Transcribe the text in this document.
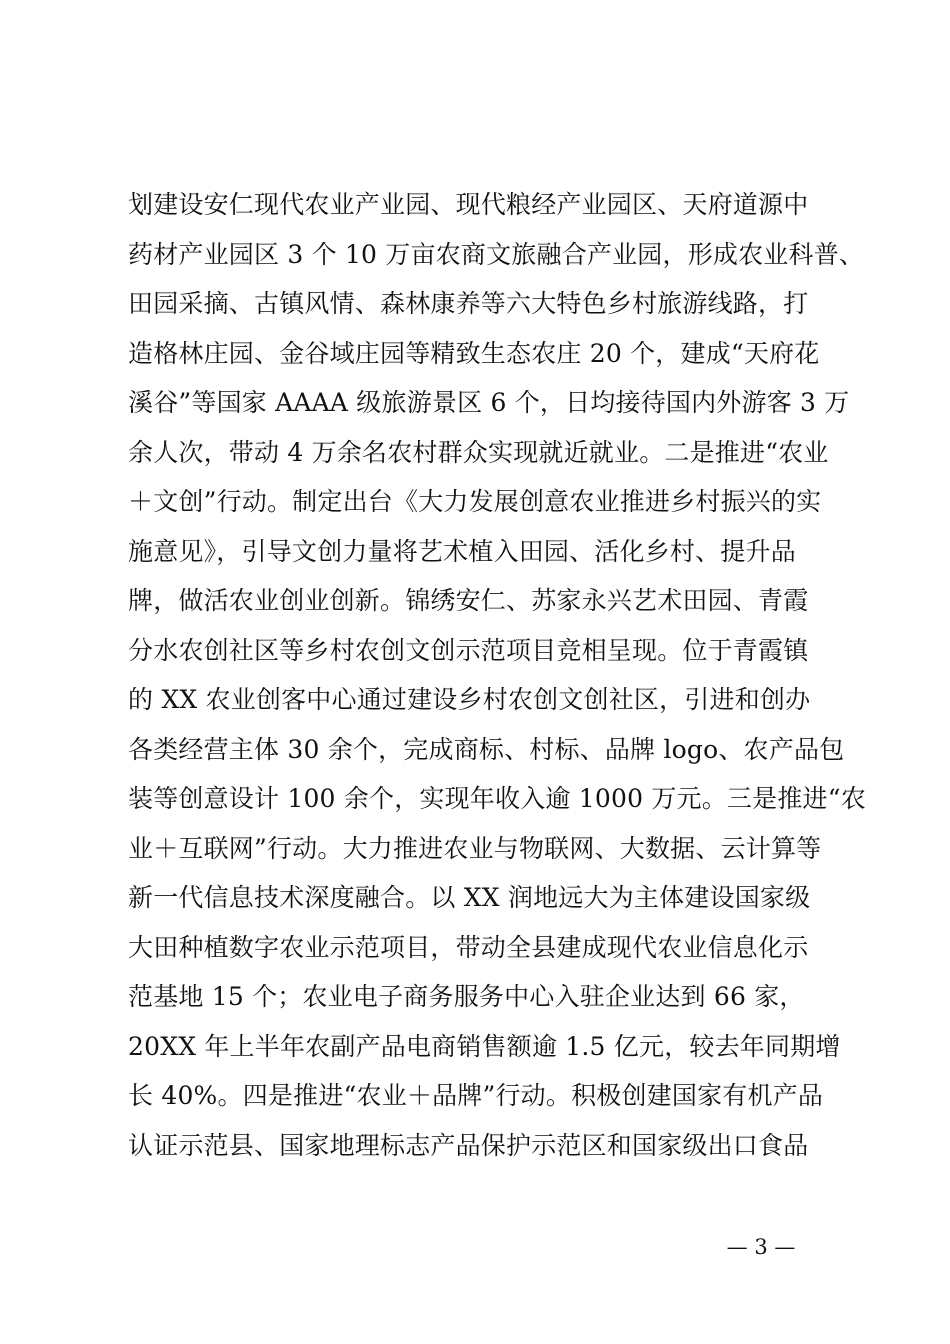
划建设安仁现代农业产业园、现代粮经产业园区、天府道源中
药材产业园区 3 个 10 万亩农商文旅融合产业园，形成农业科普、
田园采摘、古镇风情、森林康养等六大特色乡村旅游线路，打
造格林庄园、金谷域庄园等精致生态农庄 20 个，建成“天府花
溪谷”等国家 AAAA 级旅游景区 6 个，日均接待国内外游客 3 万
余人次，带动 4 万余名农村群众实现就近就业。二是推进“农业
＋文创”行动。制定出台《大力发展创意农业推进乡村振兴的实
施意见》，引导文创力量将艺术植入田园、活化乡村、提升品
牌，做活农业创业创新。锦绣安仁、苏家永兴艺术田园、青霞
分水农创社区等乡村农创文创示范项目竞相呈现。位于青霞镇
的 XX 农业创客中心通过建设乡村农创文创社区，引进和创办
各类经营主体 30 余个，完成商标、村标、品牌 logo、农产品包
装等创意设计 100 余个，实现年收入逾 1000 万元。三是推进“农
业＋互联网”行动。大力推进农业与物联网、大数据、云计算等
新一代信息技术深度融合。以 XX 润地远大为主体建设国家级
大田种植数字农业示范项目，带动全县建成现代农业信息化示
范基地 15 个；农业电子商务服务中心入驻企业达到 66 家，
20XX 年上半年农副产品电商销售额逾 1.5 亿元，较去年同期增
长 40%。四是推进“农业＋品牌”行动。积极创建国家有机产品
认证示范县、国家地理标志产品保护示范区和国家级出口食品
— 3 —
